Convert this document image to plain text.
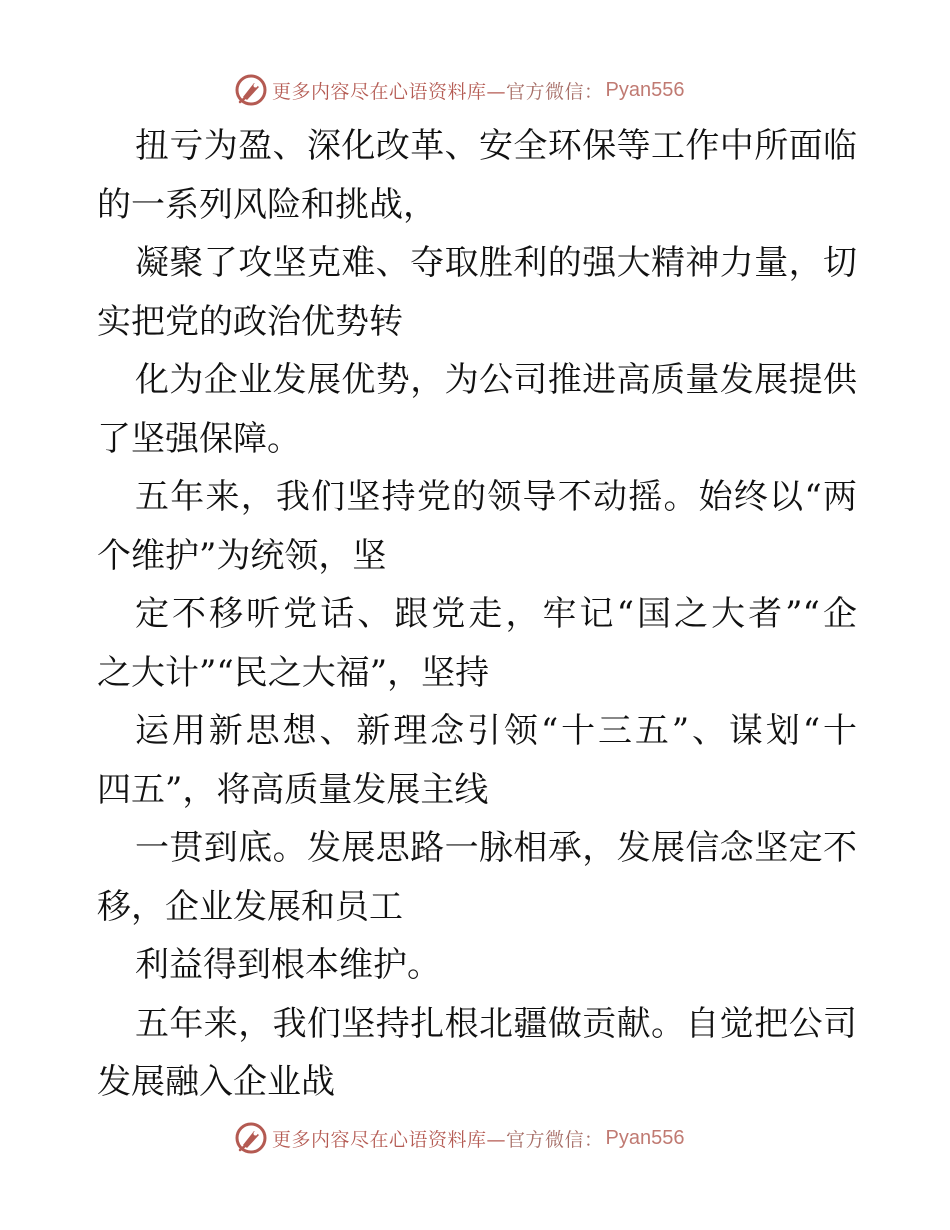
更多内容尽在心语资料库— 官方微信： Pyan556

扭亏为盈、深化改革、安全环保等工作中所面临
的一系列风险和挑战，

凝聚了攻坚克难、夺取胜利的强大精神力量，切
实把党的政治优势转

化为企业发展优势，为公司推进高质量发展提供
了坚强保障。

五年来，我们坚持党的领导不动摇。始终以“两
个维护”为统领，坚

定不移听党话、跟党走，牢记“国之大者”“企
之大计”“民之大福”，坚持

运用新思想、新理念引领“十三五”、谋划“十
四五”，将高质量发展主线

一贯到底。发展思路一脉相承，发展信念坚定不
移，企业发展和员工

利益得到根本维护。

五年来，我们坚持扎根北疆做贡献。自觉把公司
发展融入企业战

更多内容尽在心语资料库— 官方微信： Pyan556
